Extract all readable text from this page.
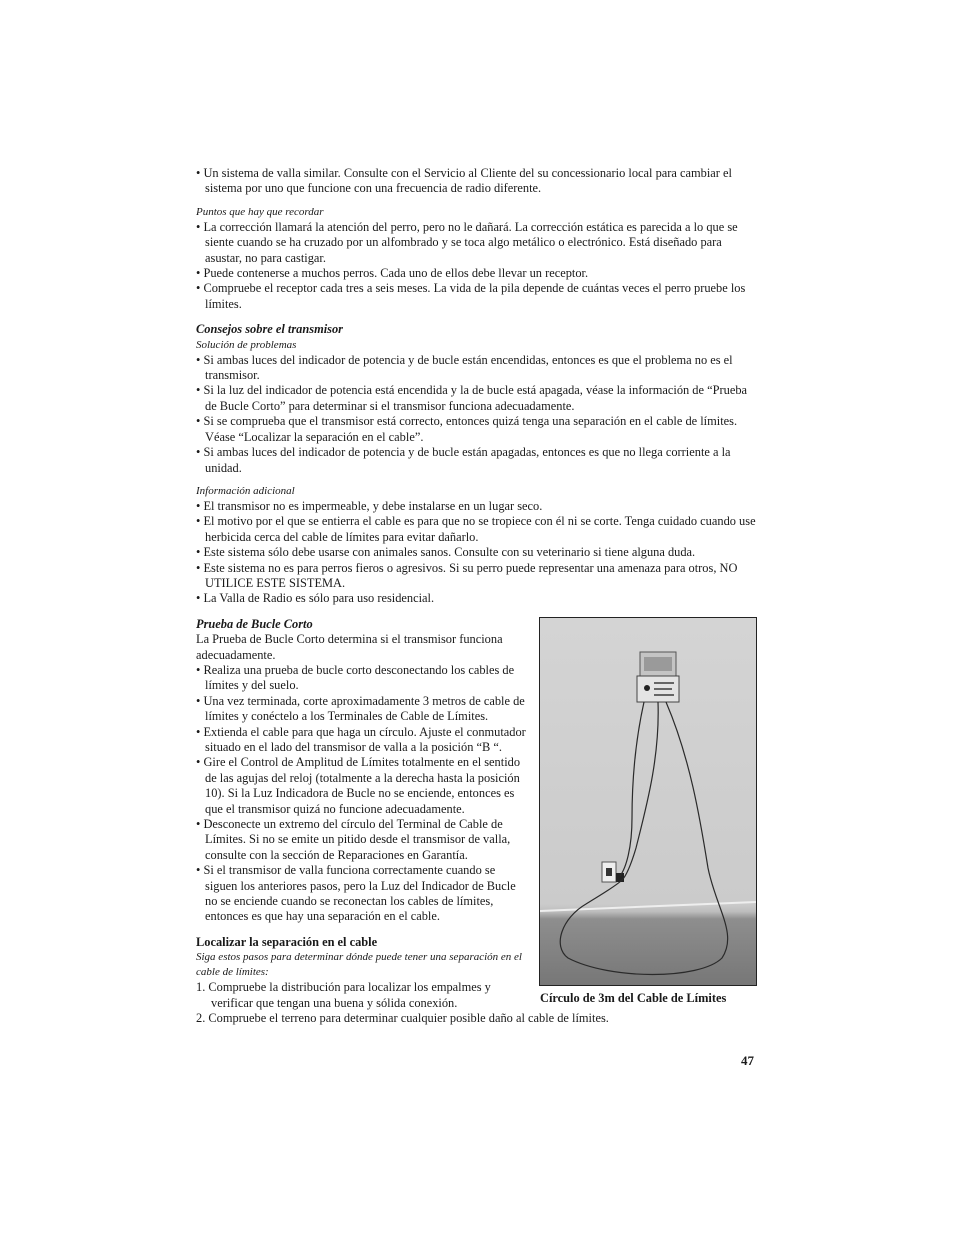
• Un sistema de valla similar. Consulte con el Servicio al Cliente del su concessionario local para cambiar el sistema por uno que funcione con una frecuencia de radio diferente.

Puntos que hay que recordar

• La corrección llamará la atención del perro, pero no le dañará. La corrección estática es parecida a lo que se siente cuando se ha cruzado por un alfombrado y se toca algo metálico o electrónico. Está diseñado para asustar, no para castigar.

• Puede contenerse a muchos perros. Cada uno de ellos debe llevar un receptor.

• Compruebe el receptor cada tres a seis meses. La vida de la pila depende de cuántas veces el perro pruebe los límites.

Consejos sobre el transmisor

Solución de problemas

• Si ambas luces del indicador de potencia y de bucle están encendidas, entonces es que el problema no es el transmisor.

• Si la luz del indicador de potencia está encendida y la de bucle está apagada, véase la información de “Prueba de Bucle Corto” para determinar si el transmisor funciona adecuadamente.

• Si se comprueba que el transmisor está correcto, entonces quizá tenga una separación en el cable de límites. Véase “Localizar la separación en el cable”.

• Si ambas luces del indicador de potencia y de bucle están apagadas, entonces es que no llega corriente a la unidad.

Información adicional

• El transmisor no es impermeable, y debe instalarse en un lugar seco.

• El motivo por el que se entierra el cable es para que no se tropiece con él ni se corte. Tenga cuidado cuando use herbicida cerca del cable de límites para evitar dañarlo.

• Este sistema sólo debe usarse con animales sanos. Consulte con su veterinario si tiene alguna duda.

• Este sistema no es para perros fieros o agresivos. Si su perro puede representar una amenaza para otros, NO UTILICE ESTE SISTEMA.

• La Valla de Radio es sólo para uso residencial.

Prueba de Bucle Corto

La Prueba de Bucle Corto determina si el transmisor funciona adecuadamente.

• Realiza una prueba de bucle corto desconectando los cables de límites y del suelo.

• Una vez terminada, corte aproximadamente 3 metros de cable de límites y conéctelo a los Terminales de Cable de Límites.

• Extienda el cable para que haga un círculo. Ajuste el conmutador situado en el lado del transmisor de valla a la posición “B “.

• Gire el Control de Amplitud de Límites totalmente en el sentido de las agujas del reloj (totalmente a la derecha hasta la posición 10). Si la Luz Indicadora de Bucle no se enciende, entonces es que el transmisor quizá no funcione adecuadamente.

• Desconecte un extremo del círculo del Terminal de Cable de Límites. Si no se emite un pitido desde el transmisor de valla, consulte con la sección de Reparaciones en Garantía.

• Si el transmisor de valla funciona correctamente cuando se siguen los anteriores pasos, pero la Luz del Indicador de Bucle no se enciende cuando se reconectan los cables de límites, entonces es que hay una separación en el cable.

Localizar la separación en el cable

Siga estos pasos para determinar dónde puede tener una separación en el cable de límites:

1. Compruebe la distribución para localizar los empalmes y verificar que tengan una buena y sólida conexión.

2. Compruebe el terreno para determinar cualquier posible daño al cable de límites.

Círculo de 3m del Cable de Límites
47
